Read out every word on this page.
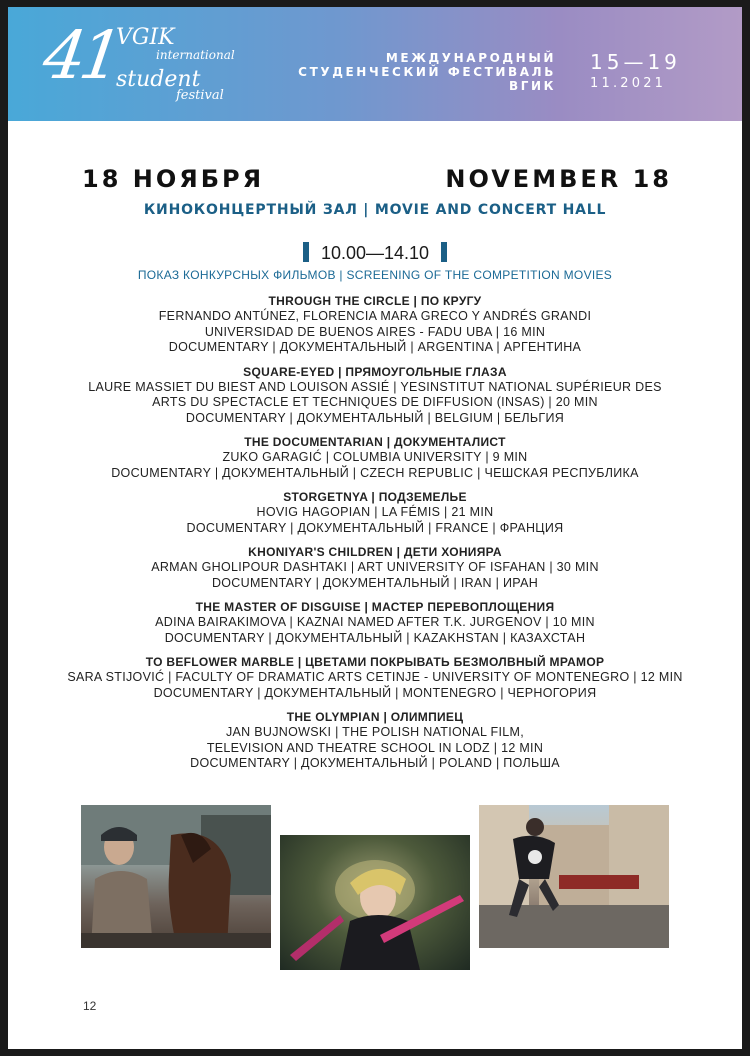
41
VGIK
international
student
festival
МЕЖДУНАРОДНЫЙ
СТУДЕНЧЕСКИЙ ФЕСТИВАЛЬ
ВГИК
15—19
11.2021
18 НОЯБРЯ	NOVEMBER 18
КИНОКОНЦЕРТНЫЙ ЗАЛ | MOVIE AND CONCERT HALL
10.00—14.10
ПОКАЗ КОНКУРСНЫХ ФИЛЬМОВ | SCREENING OF THE COMPETITION MOVIES
THROUGH THE CIRCLE | ПО КРУГУ
FERNANDO ANTÚNEZ, FLORENCIA MARA GRECO Y ANDRÉS GRANDI
UNIVERSIDAD DE BUENOS AIRES - FADU UBA | 16 MIN
DOCUMENTARY | ДОКУМЕНТАЛЬНЫЙ | ARGENTINA | АРГЕНТИНА
SQUARE-EYED | ПРЯМОУГОЛЬНЫЕ ГЛАЗА
LAURE MASSIET DU BIEST AND LOUISON ASSIÉ | YESINSTITUT NATIONAL SUPÉRIEUR DES
ARTS DU SPECTACLE ET TECHNIQUES DE DIFFUSION (INSAS) | 20 MIN
DOCUMENTARY | ДОКУМЕНТАЛЬНЫЙ | BELGIUM | БЕЛЬГИЯ
THE DOCUMENTARIAN | ДОКУМЕНТАЛИСТ
ZUKO GARAGIĆ | COLUMBIA UNIVERSITY | 9 MIN
DOCUMENTARY | ДОКУМЕНТАЛЬНЫЙ | CZECH REPUBLIC | ЧЕШСКАЯ РЕСПУБЛИКА
STORGETNYA | ПОДЗЕМЕЛЬЕ
HOVIG HAGOPIAN | LA FÉMIS | 21 MIN
DOCUMENTARY | ДОКУМЕНТАЛЬНЫЙ | FRANCE | ФРАНЦИЯ
KHONIYAR'S CHILDREN | ДЕТИ ХОНИЯРА
ARMAN GHOLIPOUR DASHTAKI | ART UNIVERSITY OF ISFAHAN | 30 MIN
DOCUMENTARY | ДОКУМЕНТАЛЬНЫЙ | IRAN | ИРАН
THE MASTER OF DISGUISE | МАСТЕР ПЕРЕВОПЛОЩЕНИЯ
ADINA BAIRAKIMOVA | KAZNAI NAMED AFTER T.K. JURGENOV | 10 MIN
DOCUMENTARY | ДОКУМЕНТАЛЬНЫЙ | KAZAKHSTAN | КАЗАХСТАН
TO BEFLOWER MARBLE | ЦВЕТАМИ ПОКРЫВАТЬ БЕЗМОЛВНЫЙ МРАМОР
SARA STIJOVIĆ | FACULTY OF DRAMATIC ARTS CETINJE - UNIVERSITY OF MONTENEGRO | 12 MIN
DOCUMENTARY | ДОКУМЕНТАЛЬНЫЙ | MONTENEGRO | ЧЕРНОГОРИЯ
THE OLYMPIAN | ОЛИМПИЕЦ
JAN BUJNOWSKI | THE POLISH NATIONAL FILM,
TELEVISION AND THEATRE SCHOOL IN LODZ | 12 MIN
DOCUMENTARY | ДОКУМЕНТАЛЬНЫЙ | POLAND | ПОЛЬША
12
